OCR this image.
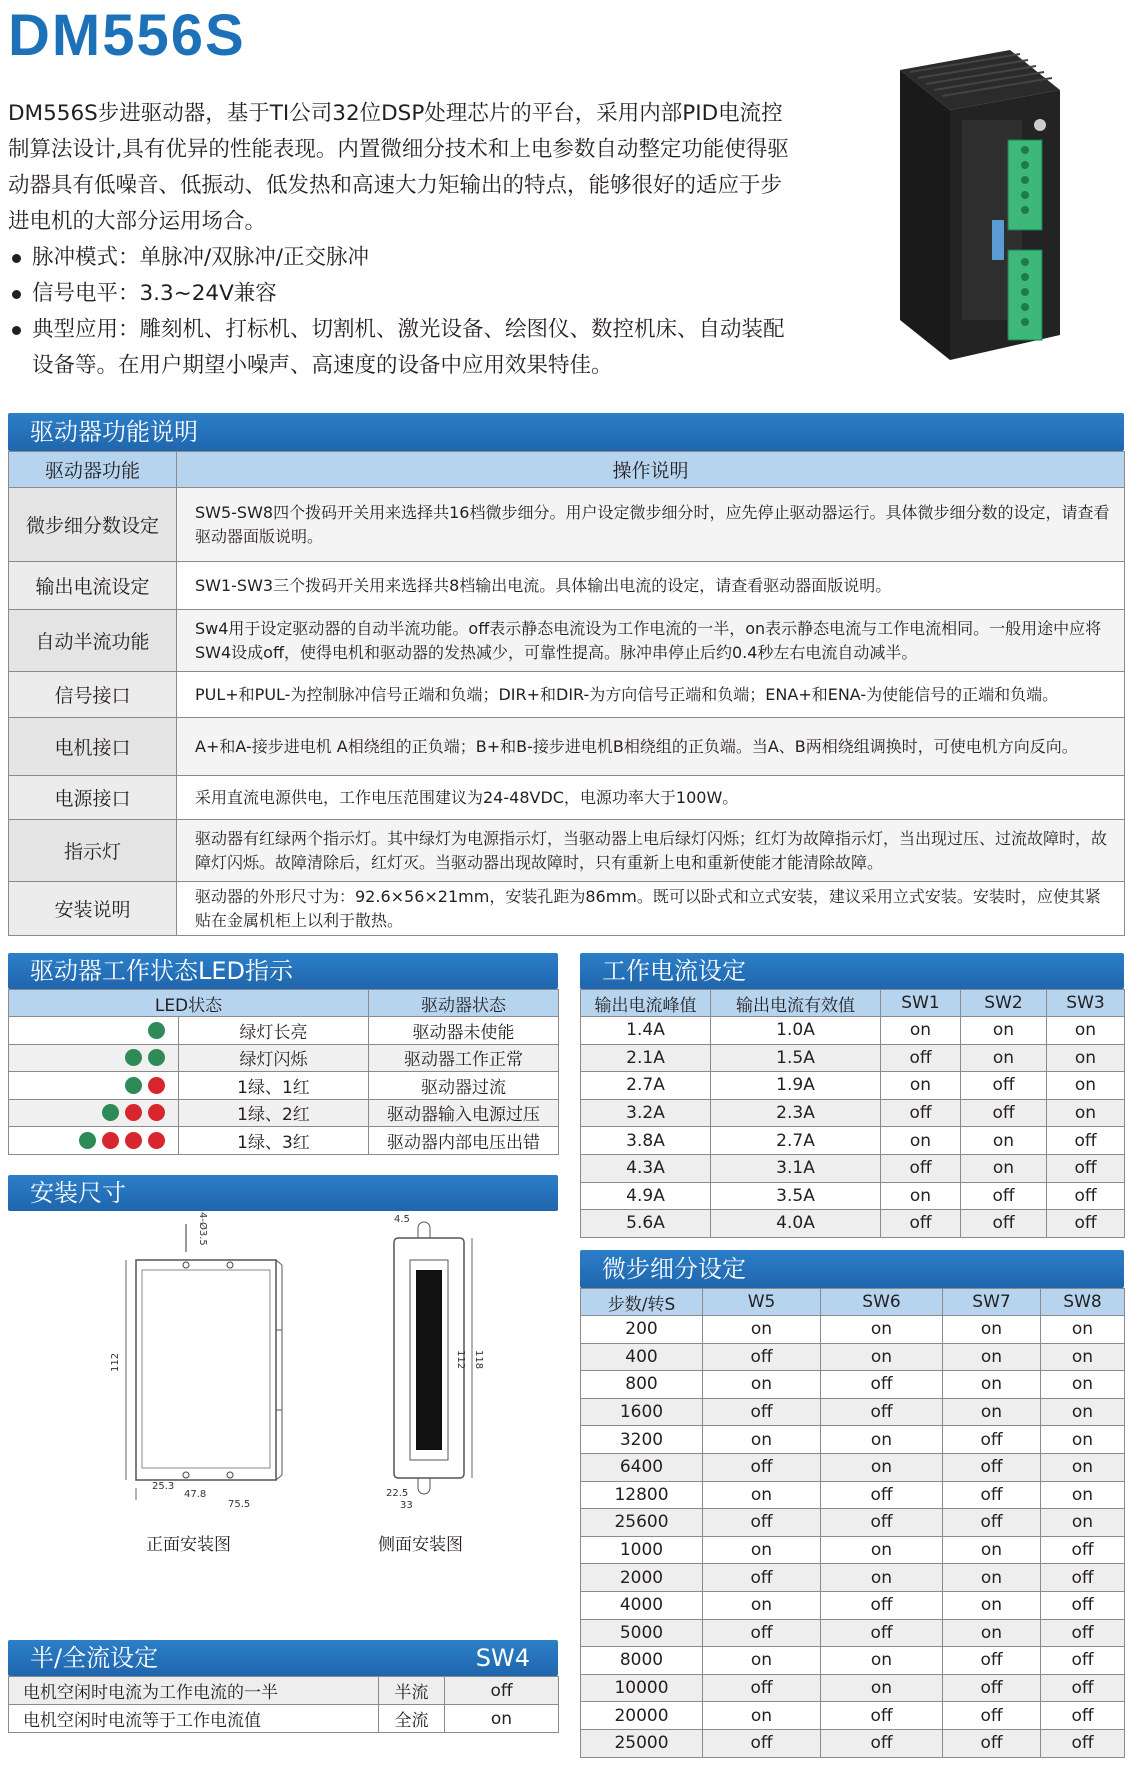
DM556S
DM556S步进驱动器，基于TI公司32位DSP处理芯片的平台，采用内部PID电流控制算法设计,具有优异的性能表现。内置微细分技术和上电参数自动整定功能使得驱动器具有低噪音、低振动、低发热和高速大力矩输出的特点，能够很好的适应于步进电机的大部分运用场合。
脉冲模式：单脉冲/双脉冲/正交脉冲
信号电平：3.3~24V兼容
典型应用：雕刻机、打标机、切割机、激光设备、绘图仪、数控机床、自动装配设备等。在用户期望小噪声、高速度的设备中应用效果特佳。
驱动器功能说明
驱动器功能	操作说明
微步细分数设定	SW5-SW8四个拨码开关用来选择共16档微步细分。用户设定微步细分时，应先停止驱动器运行。具体微步细分数的设定，请查看驱动器面版说明。
输出电流设定	SW1-SW3三个拨码开关用来选择共8档输出电流。具体输出电流的设定，请查看驱动器面版说明。
自动半流功能	Sw4用于设定驱动器的自动半流功能。off表示静态电流设为工作电流的一半，on表示静态电流与工作电流相同。一般用途中应将 SW4设成off，使得电机和驱动器的发热减少，可靠性提高。脉冲串停止后约0.4秒左右电流自动减半。
信号接口	PUL+和PUL-为控制脉冲信号正端和负端；DIR+和DIR-为方向信号正端和负端；ENA+和ENA-为使能信号的正端和负端。
电机接口	A+和A-接步进电机 A相绕组的正负端；B+和B-接步进电机B相绕组的正负端。当A、B两相绕组调换时，可使电机方向反向。
电源接口	采用直流电源供电，工作电压范围建议为24-48VDC，电源功率大于100W。
指示灯	驱动器有红绿两个指示灯。其中绿灯为电源指示灯，当驱动器上电后绿灯闪烁；红灯为故障指示灯，当出现过压、过流故障时，故障灯闪烁。故障清除后，红灯灭。当驱动器出现故障时，只有重新上电和重新使能才能清除故障。
安装说明	驱动器的外形尺寸为：92.6×56×21mm，安装孔距为86mm。既可以卧式和立式安装，建议采用立式安装。安装时，应使其紧贴在金属机柜上以利于散热。
驱动器工作状态LED指示
LED状态		驱动器状态
	绿灯长亮	驱动器未使能
	绿灯闪烁	驱动器工作正常
	1绿、1红	驱动器过流
	1绿、2红	驱动器输入电源过压
	1绿、3红	驱动器内部电压出错
工作电流设定
输出电流峰值	输出电流有效值	SW1	SW2	SW3
1.4A	1.0A	on	on	on
2.1A	1.5A	off	on	on
2.7A	1.9A	on	off	on
3.2A	2.3A	off	off	on
3.8A	2.7A	on	on	off
4.3A	3.1A	off	on	off
4.9A	3.5A	on	off	off
5.6A	4.0A	off	off	off
安装尺寸
4-Ø3.5
112
25.3
47.8
75.5
4.5
118
112
22.5
33
正面安装图	侧面安装图
微步细分设定
步数/转S	W5	SW6	SW7	SW8
200	on	on	on	on
400	off	on	on	on
800	on	off	on	on
1600	off	off	on	on
3200	on	on	off	on
6400	off	on	off	on
12800	on	off	off	on
25600	off	off	off	on
1000	on	on	on	off
2000	off	on	on	off
4000	on	off	on	off
5000	off	off	on	off
8000	on	on	off	off
10000	off	on	off	off
20000	on	off	off	off
25000	off	off	off	off
半/全流设定	SW4
电机空闲时电流为工作电流的一半	半流	off
电机空闲时电流等于工作电流值	全流	on
